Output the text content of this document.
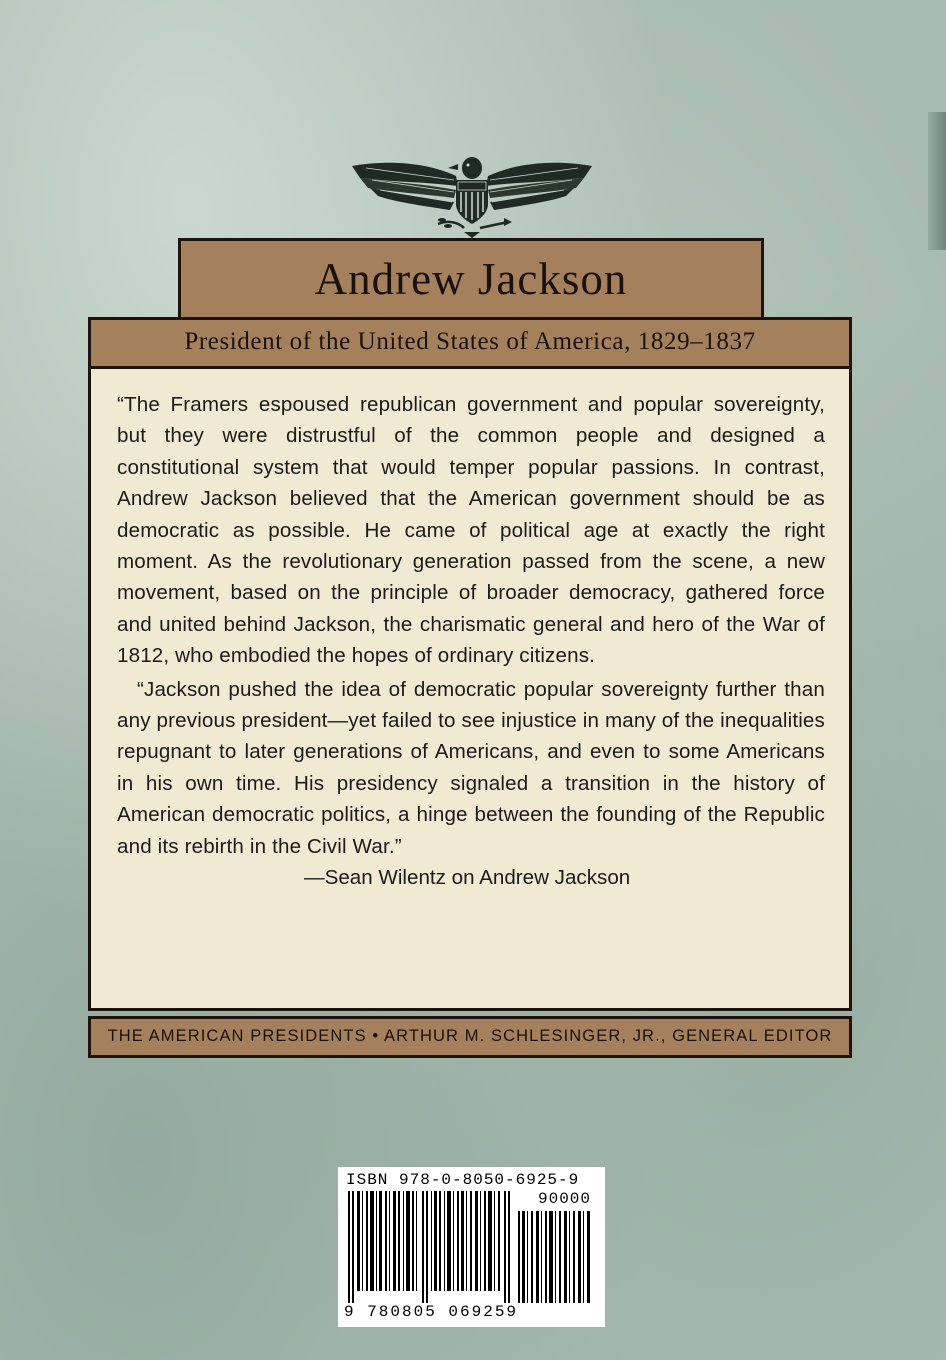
Andrew Jackson
President of the United States of America, 1829–1837

“The Framers espoused republican government and popular sovereignty, but they were distrustful of the common people and designed a constitutional system that would temper popular passions. In contrast, Andrew Jackson believed that the American government should be as democratic as possible. He came of political age at exactly the right moment. As the revolutionary generation passed from the scene, a new movement, based on the principle of broader democracy, gathered force and united behind Jackson, the charismatic general and hero of the War of 1812, who embodied the hopes of ordinary citizens.

“Jackson pushed the idea of democratic popular sovereignty further than any previous president—yet failed to see injustice in many of the inequalities repugnant to later generations of Americans, and even to some Americans in his own time. His presidency signaled a transition in the history of American democratic politics, a hinge between the founding of the Republic and its rebirth in the Civil War.”

—Sean Wilentz on Andrew Jackson

THE AMERICAN PRESIDENTS • ARTHUR M. SCHLESINGER, JR., GENERAL EDITOR
ISBN 978-0-8050-6925-9
90000
9 780805 069259
